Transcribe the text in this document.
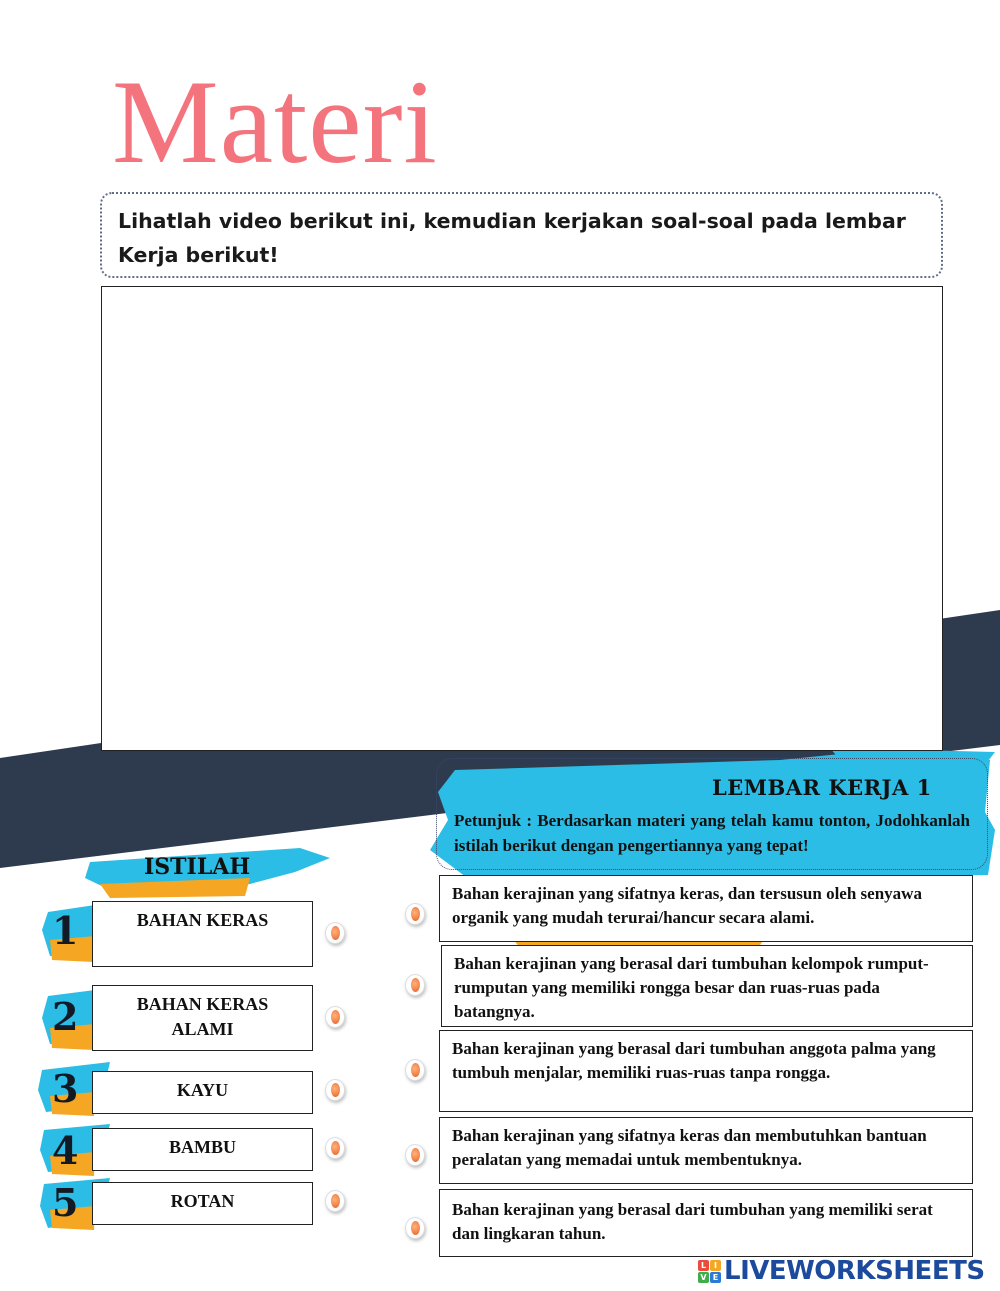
Materi
Lihatlah video berikut ini, kemudian kerjakan soal-soal pada lembar Kerja berikut!
LEMBAR KERJA 1
Petunjuk : Berdasarkan materi yang telah kamu tonton, Jodohkanlah istilah berikut dengan pengertiannya yang tepat!
ISTILAH
1
2
3
4
5
BAHAN KERAS
BAHAN KERAS ALAMI
KAYU
BAMBU
ROTAN
Bahan kerajinan yang sifatnya keras, dan tersusun oleh senyawa organik yang mudah terurai/hancur secara alami.
Bahan kerajinan yang berasal dari tumbuhan kelompok rumput-rumputan yang memiliki rongga besar dan ruas-ruas pada batangnya.
Bahan kerajinan yang berasal dari tumbuhan anggota palma yang tumbuh menjalar, memiliki ruas-ruas tanpa rongga.
Bahan kerajinan yang sifatnya keras dan membutuhkan bantuan peralatan yang memadai untuk membentuknya.
Bahan kerajinan yang berasal dari tumbuhan yang memiliki serat dan lingkaran tahun.
L I
V E LIVEWORKSHEETS
